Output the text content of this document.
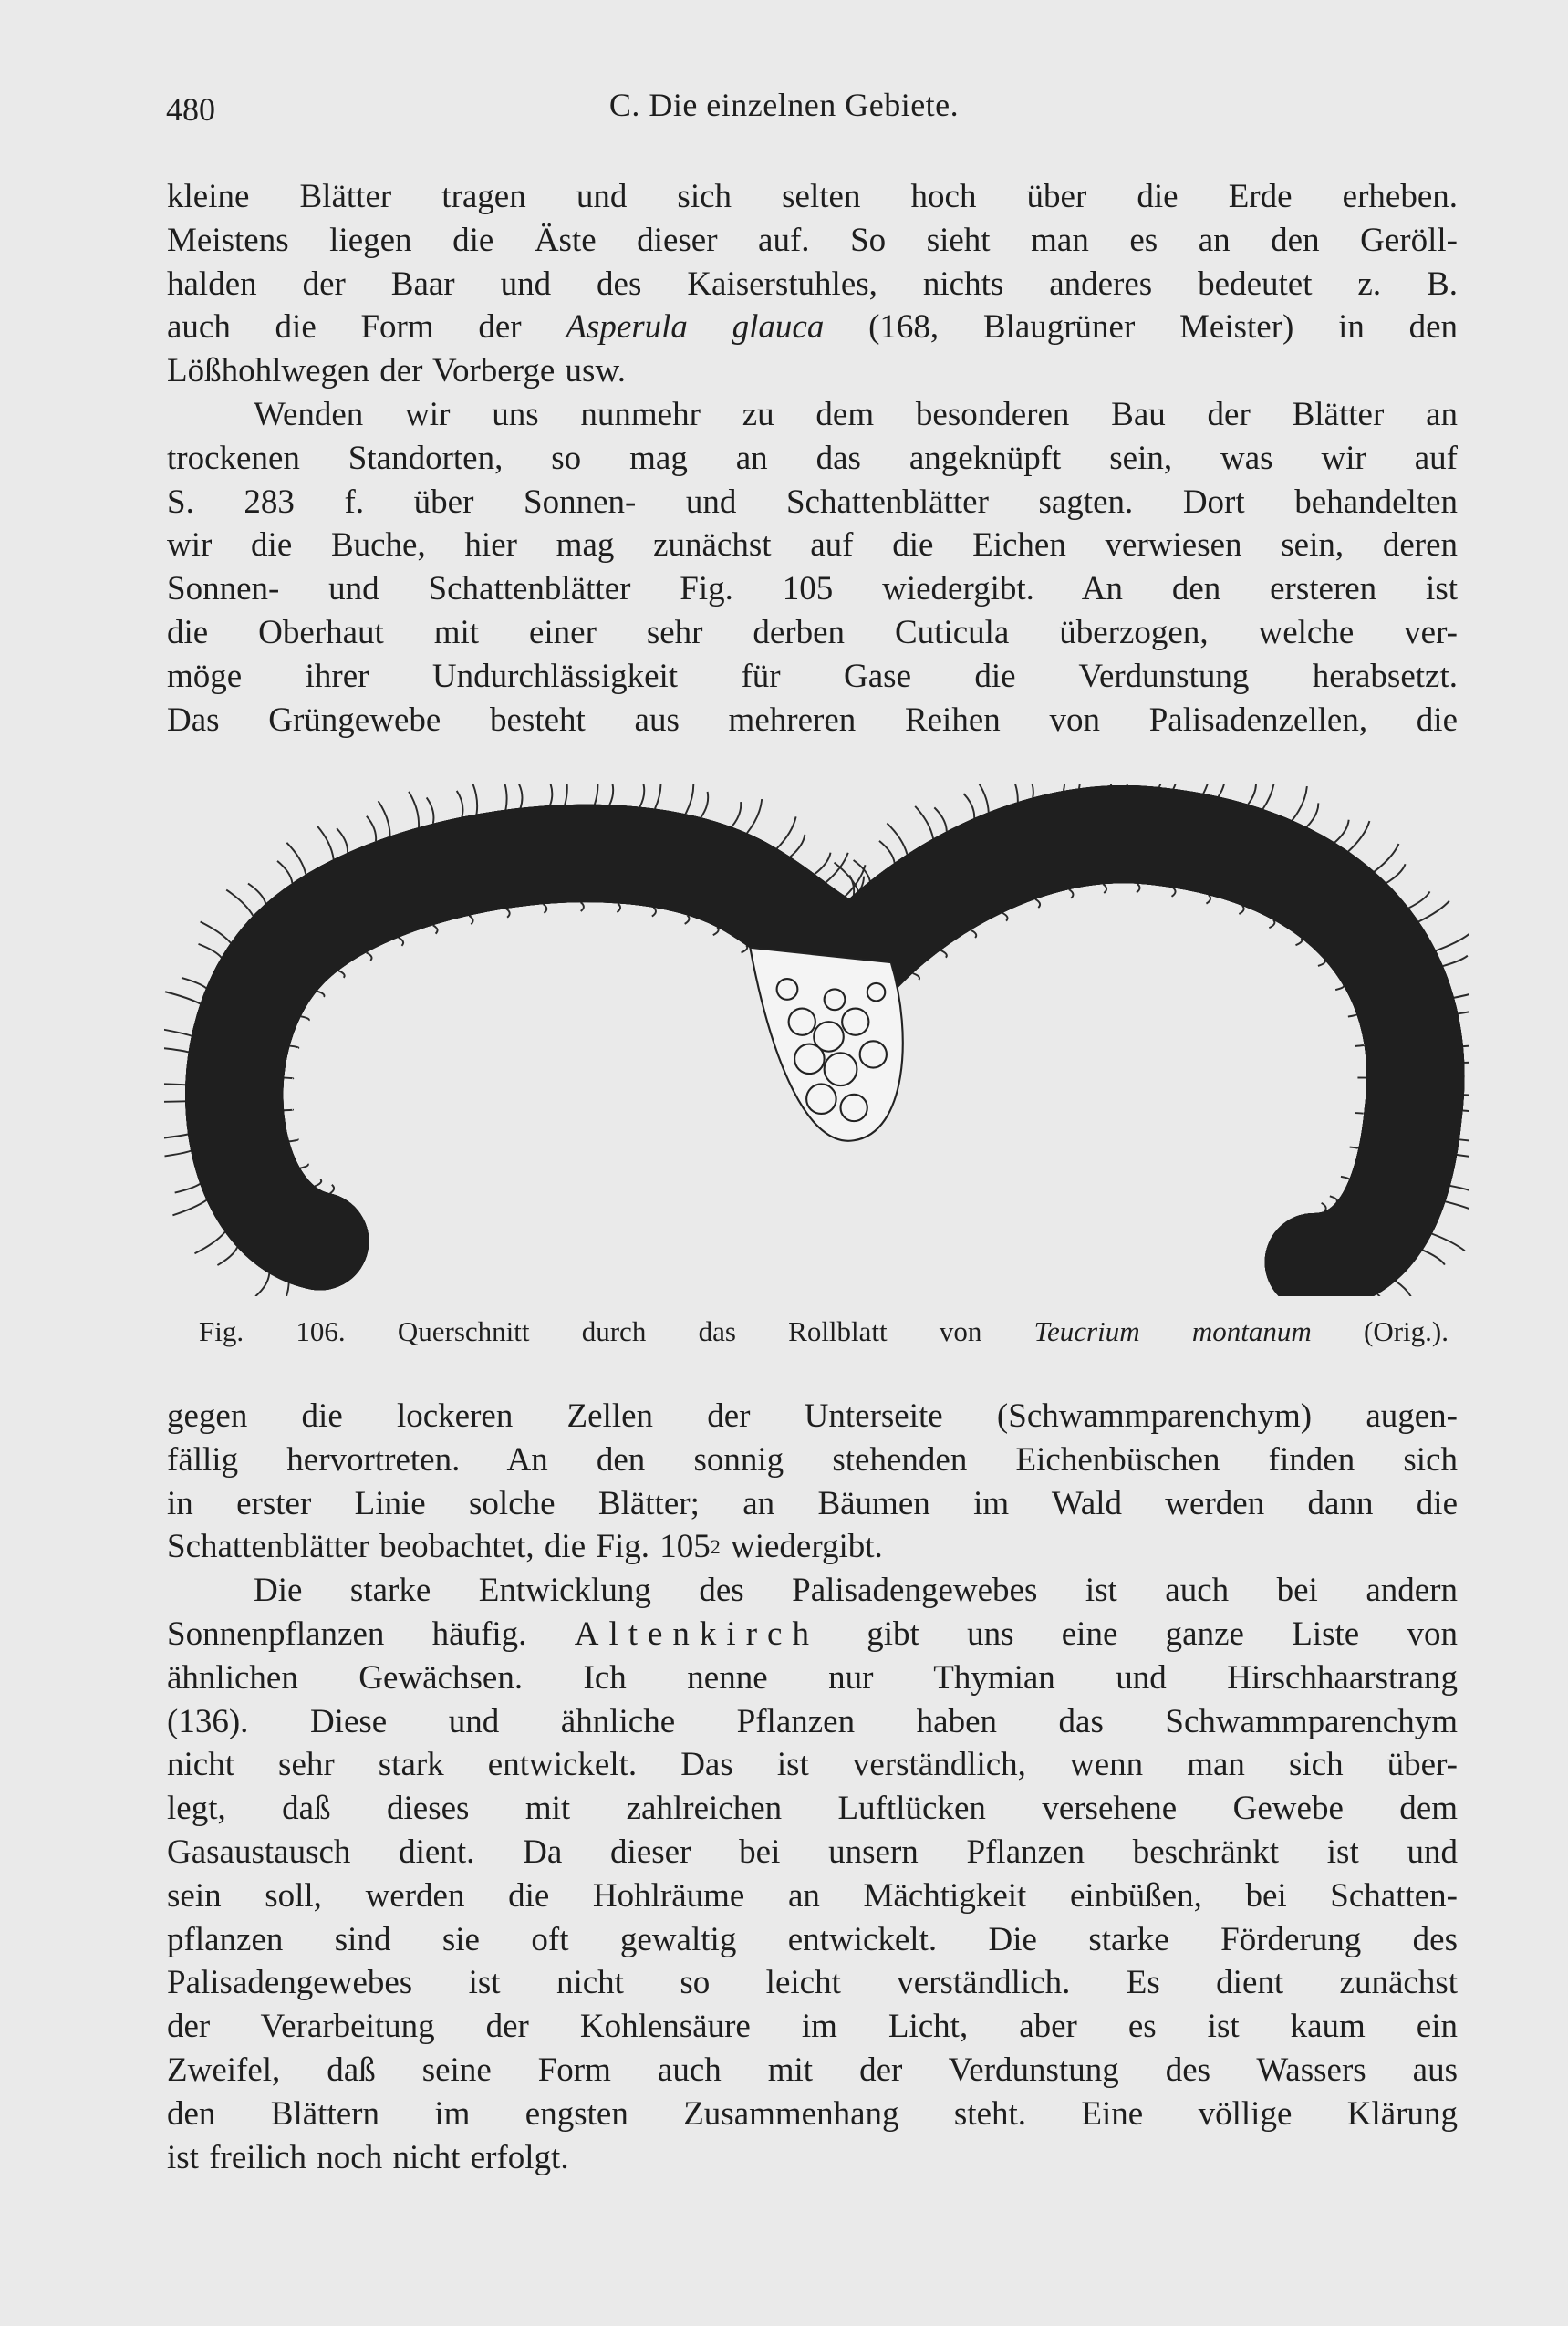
480	C. Die einzelnen Gebiete.
kleine Blätter tragen und sich selten hoch über die Erde erheben.
Meistens liegen die Äste dieser auf. So sieht man es an den Geröll-
halden der Baar und des Kaiserstuhles, nichts anderes bedeutet z. B.
auch die Form der Asperula glauca (168, Blaugrüner Meister) in den
Lößhohlwegen der Vorberge usw.
Wenden wir uns nunmehr zu dem besonderen Bau der Blätter an
trockenen Standorten, so mag an das angeknüpft sein, was wir auf
S. 283 f. über Sonnen- und Schattenblätter sagten. Dort behandelten
wir die Buche, hier mag zunächst auf die Eichen verwiesen sein, deren
Sonnen- und Schattenblätter Fig. 105 wiedergibt. An den ersteren ist
die Oberhaut mit einer sehr derben Cuticula überzogen, welche ver-
möge ihrer Undurchlässigkeit für Gase die Verdunstung herabsetzt.
Das Grüngewebe besteht aus mehreren Reihen von Palisadenzellen, die
Fig. 106. Querschnitt durch das Rollblatt von Teucrium montanum (Orig.).
gegen die lockeren Zellen der Unterseite (Schwammparenchym) augen-
fällig hervortreten. An den sonnig stehenden Eichenbüschen finden sich
in erster Linie solche Blätter; an Bäumen im Wald werden dann die
Schattenblätter beobachtet, die Fig. 1052 wiedergibt.
Die starke Entwicklung des Palisadengewebes ist auch bei andern
Sonnenpflanzen häufig. Altenkirch gibt uns eine ganze Liste von
ähnlichen Gewächsen. Ich nenne nur Thymian und Hirschhaarstrang
(136). Diese und ähnliche Pflanzen haben das Schwammparenchym
nicht sehr stark entwickelt. Das ist verständlich, wenn man sich über-
legt, daß dieses mit zahlreichen Luftlücken versehene Gewebe dem
Gasaustausch dient. Da dieser bei unsern Pflanzen beschränkt ist und
sein soll, werden die Hohlräume an Mächtigkeit einbüßen, bei Schatten-
pflanzen sind sie oft gewaltig entwickelt. Die starke Förderung des
Palisadengewebes ist nicht so leicht verständlich. Es dient zunächst
der Verarbeitung der Kohlensäure im Licht, aber es ist kaum ein
Zweifel, daß seine Form auch mit der Verdunstung des Wassers aus
den Blättern im engsten Zusammenhang steht. Eine völlige Klärung
ist freilich noch nicht erfolgt.
